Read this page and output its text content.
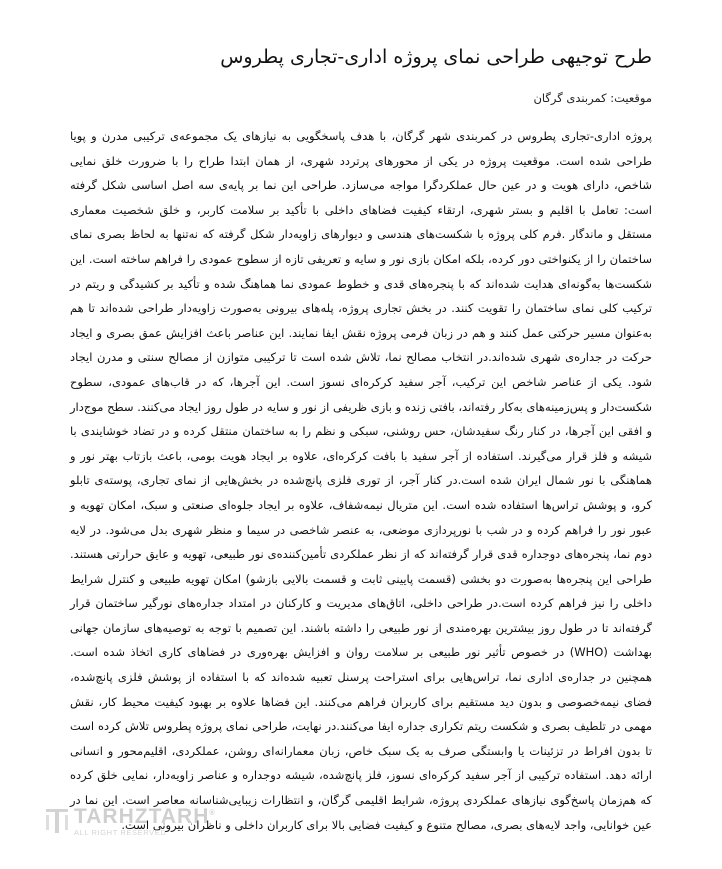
طرح توجیهی طراحی نمای پروژه اداری-تجاری پطروس

موقعیت: کمربندی گرگان

پروژه اداری-تجاری پطروس در کمربندی شهر گرگان، با هدف پاسخگویی به نیازهای یک مجموعه‌ی ترکیبی مدرن و پویا طراحی شده است. موقعیت پروژه در یکی از محورهای پرتردد شهری، از همان ابتدا طراح را با ضرورت خلق نمایی شاخص، دارای هویت و در عین حال عملکردگرا مواجه می‌سازد. طراحی این نما بر پایه‌ی سه اصل اساسی شکل گرفته است: تعامل با اقلیم و بستر شهری، ارتقاء کیفیت فضاهای داخلی با تأکید بر سلامت کاربر، و خلق شخصیت معماری مستقل و ماندگار .فرم کلی پروژه با شکست‌های هندسی و دیوارهای زاویه‌دار شکل گرفته که نه‌تنها به لحاظ بصری نمای ساختمان را از یکنواختی دور کرده، بلکه امکان بازی نور و سایه و تعریفی تازه از سطوح عمودی را فراهم ساخته است. این شکست‌ها به‌گونه‌ای هدایت شده‌اند که با پنجره‌های قدی و خطوط عمودی نما هماهنگ شده و تأکید بر کشیدگی و ریتم در ترکیب کلی نمای ساختمان را تقویت کنند. در بخش تجاری پروژه، پله‌های بیرونی به‌صورت زاویه‌دار طراحی شده‌اند تا هم به‌عنوان مسیر حرکتی عمل کنند و هم در زبان فرمی پروژه نقش ایفا نمایند. این عناصر باعث افزایش عمق بصری و ایجاد حرکت در جداره‌ی شهری شده‌اند.در انتخاب مصالح نما، تلاش شده است تا ترکیبی متوازن از مصالح سنتی و مدرن ایجاد شود. یکی از عناصر شاخص این ترکیب، آجر سفید کرکره‌ای نسوز است. این آجرها، که در قاب‌های عمودی، سطوح شکست‌دار و پس‌زمینه‌های به‌کار رفته‌اند، بافتی زنده و بازی ظریفی از نور و سایه در طول روز ایجاد می‌کنند. سطح موج‌دار و افقی این آجرها، در کنار رنگ سفیدشان، حس روشنی، سبکی و نظم را به ساختمان منتقل کرده و در تضاد خوشایندی با شیشه و فلز قرار می‌گیرند. استفاده از آجر سفید با بافت کرکره‌ای، علاوه بر ایجاد هویت بومی، باعث بازتاب بهتر نور و هماهنگی با نور شمال ایران شده است.در کنار آجر، از توری فلزی پانچ‌شده در بخش‌هایی از نمای تجاری، پوسته‌ی تابلو کرو، و پوشش تراس‌ها استفاده شده است. این متریال نیمه‌شفاف، علاوه بر ایجاد جلوه‌ای صنعتی و سبک، امکان تهویه و عبور نور را فراهم کرده و در شب با نورپردازی موضعی، به عنصر شاخصی در سیما و منظر شهری بدل می‌شود. در لایه دوم نما، پنجره‌های دوجداره قدی قرار گرفته‌اند که از نظر عملکردی تأمین‌کننده‌ی نور طبیعی، تهویه و عایق حرارتی هستند. طراحی این پنجره‌ها به‌صورت دو بخشی (قسمت پایینی ثابت و قسمت بالایی بازشو) امکان تهویه طبیعی و کنترل شرایط داخلی را نیز فراهم کرده است.در طراحی داخلی، اتاق‌های مدیریت و کارکنان در امتداد جداره‌های نورگیر ساختمان قرار گرفته‌اند تا در طول روز بیشترین بهره‌مندی از نور طبیعی را داشته باشند. این تصمیم با توجه به توصیه‌های سازمان جهانی بهداشت (WHO) در خصوص تأثیر نور طبیعی بر سلامت روان و افزایش بهره‌وری در فضاهای کاری اتخاذ شده است. همچنین در جداره‌ی اداری نما، تراس‌هایی برای استراحت پرسنل تعبیه شده‌اند که با استفاده از پوشش فلزی پانچ‌شده، فضای نیمه‌خصوصی و بدون دید مستقیم برای کاربران فراهم می‌کنند. این فضاها علاوه بر بهبود کیفیت محیط کار، نقش مهمی در تلطیف بصری و شکست ریتم تکراری جداره ایفا می‌کنند.در نهایت، طراحی نمای پروژه پطروس تلاش کرده است تا بدون افراط در تزئینات یا وابستگی صرف به یک سبک خاص، زبان معمارانه‌ای روشن، عملکردی، اقلیم‌محور و انسانی ارائه دهد. استفاده ترکیبی از آجر سفید کرکره‌ای نسوز، فلز پانچ‌شده، شیشه دوجداره و عناصر زاویه‌دار، نمایی خلق کرده که هم‌زمان پاسخ‌گوی نیازهای عملکردی پروژه، شرایط اقلیمی گرگان، و انتظارات زیبایی‌شناسانه معاصر است. این نما در عین خوانایی، واجد لایه‌های بصری، مصالح متنوع و کیفیت فضایی بالا برای کاربران داخلی و ناظران بیرونی است.

TARHZTARH®
ALL RIGHT RESERVED
